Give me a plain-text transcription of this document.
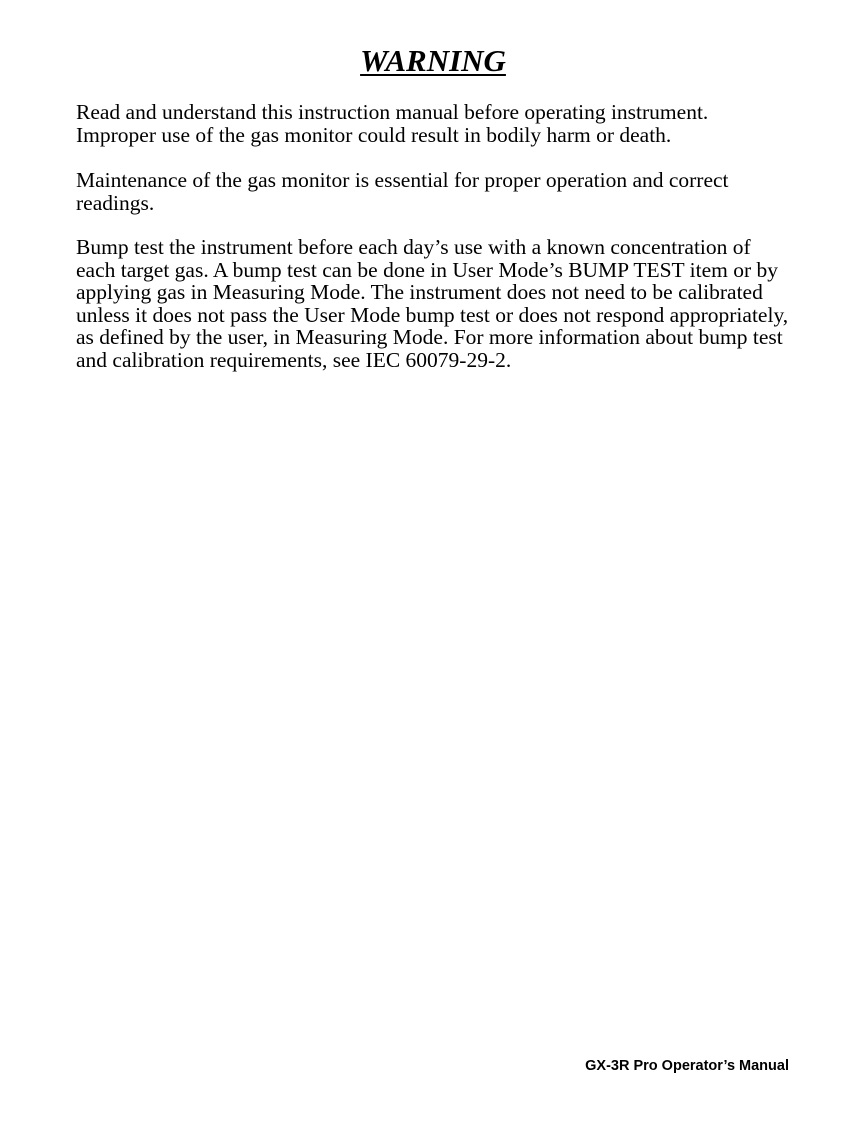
WARNING

Read and understand this instruction manual before operating instrument. Improper use of the gas monitor could result in bodily harm or death.

Maintenance of the gas monitor is essential for proper operation and correct readings.

Bump test the instrument before each day’s use with a known concentration of each target gas. A bump test can be done in User Mode’s BUMP TEST item or by applying gas in Measuring Mode. The instrument does not need to be calibrated unless it does not pass the User Mode bump test or does not respond appropriately, as defined by the user, in Measuring Mode. For more information about bump test and calibration requirements, see IEC 60079-29-2.

GX-3R Pro Operator’s Manual
